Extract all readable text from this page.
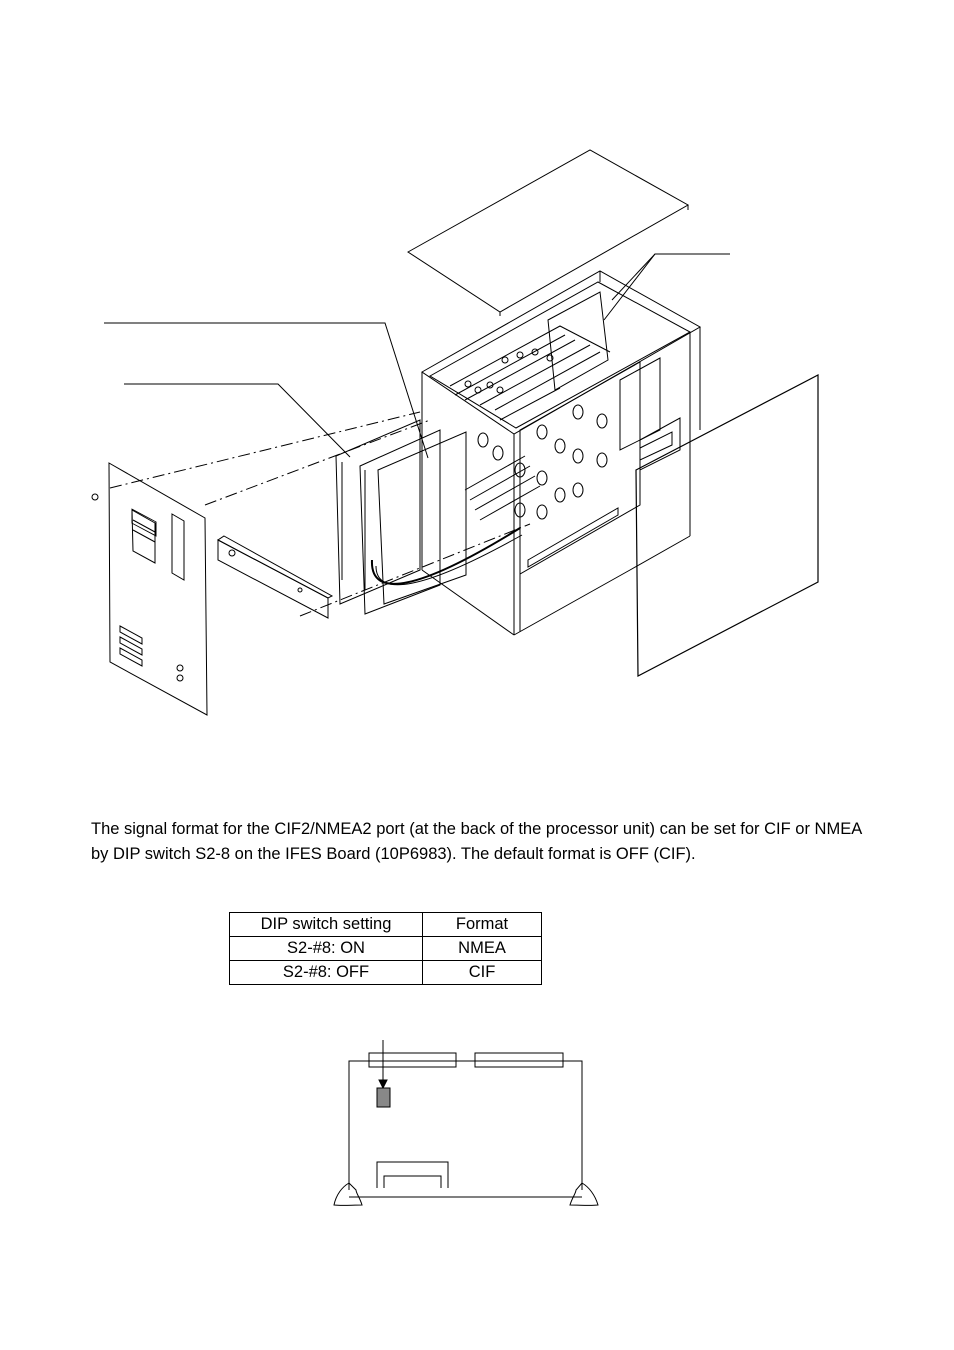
The signal format for the CIF2/NMEA2 port (at the back of the processor unit) can be set for CIF or NMEA by DIP switch S2-8 on the IFES Board (10P6983). The default format is OFF (CIF).

DIP switch setting	Format
S2-#8: ON	NMEA
S2-#8: OFF	CIF
